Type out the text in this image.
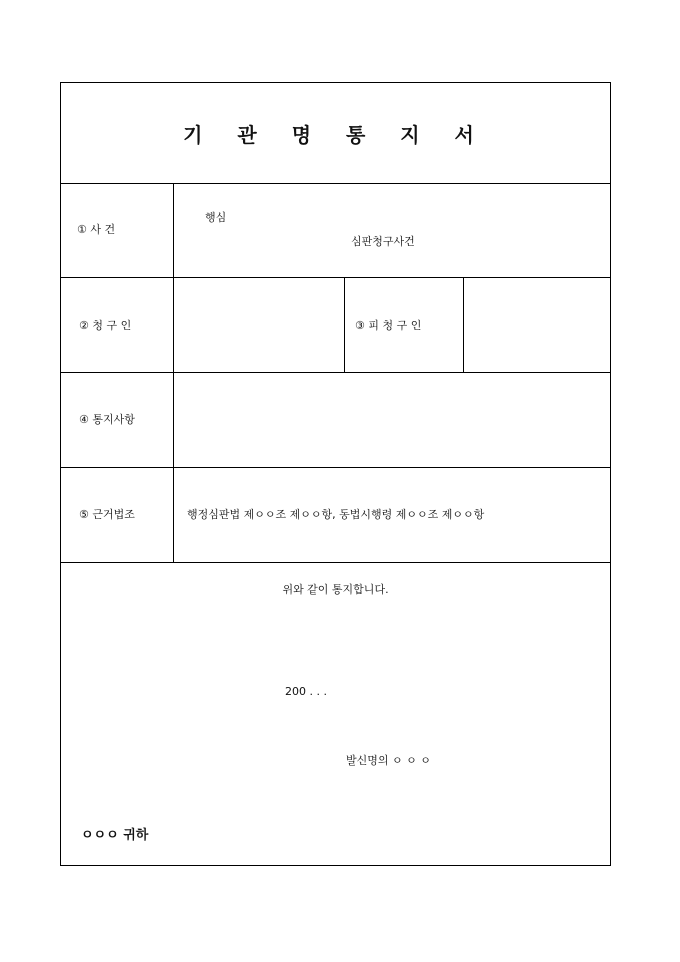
기 관 명 통 지 서
① 사 건
행심
심판청구사건
② 청 구 인	③ 피 청 구 인
④ 통지사항
⑤ 근거법조	행정심판법 제ㅇㅇ조 제ㅇㅇ항, 동법시행령 제ㅇㅇ조 제ㅇㅇ항
위와 같이 통지합니다.
200 . . .
발신명의 ㅇ ㅇ ㅇ
ㅇㅇㅇ 귀하
